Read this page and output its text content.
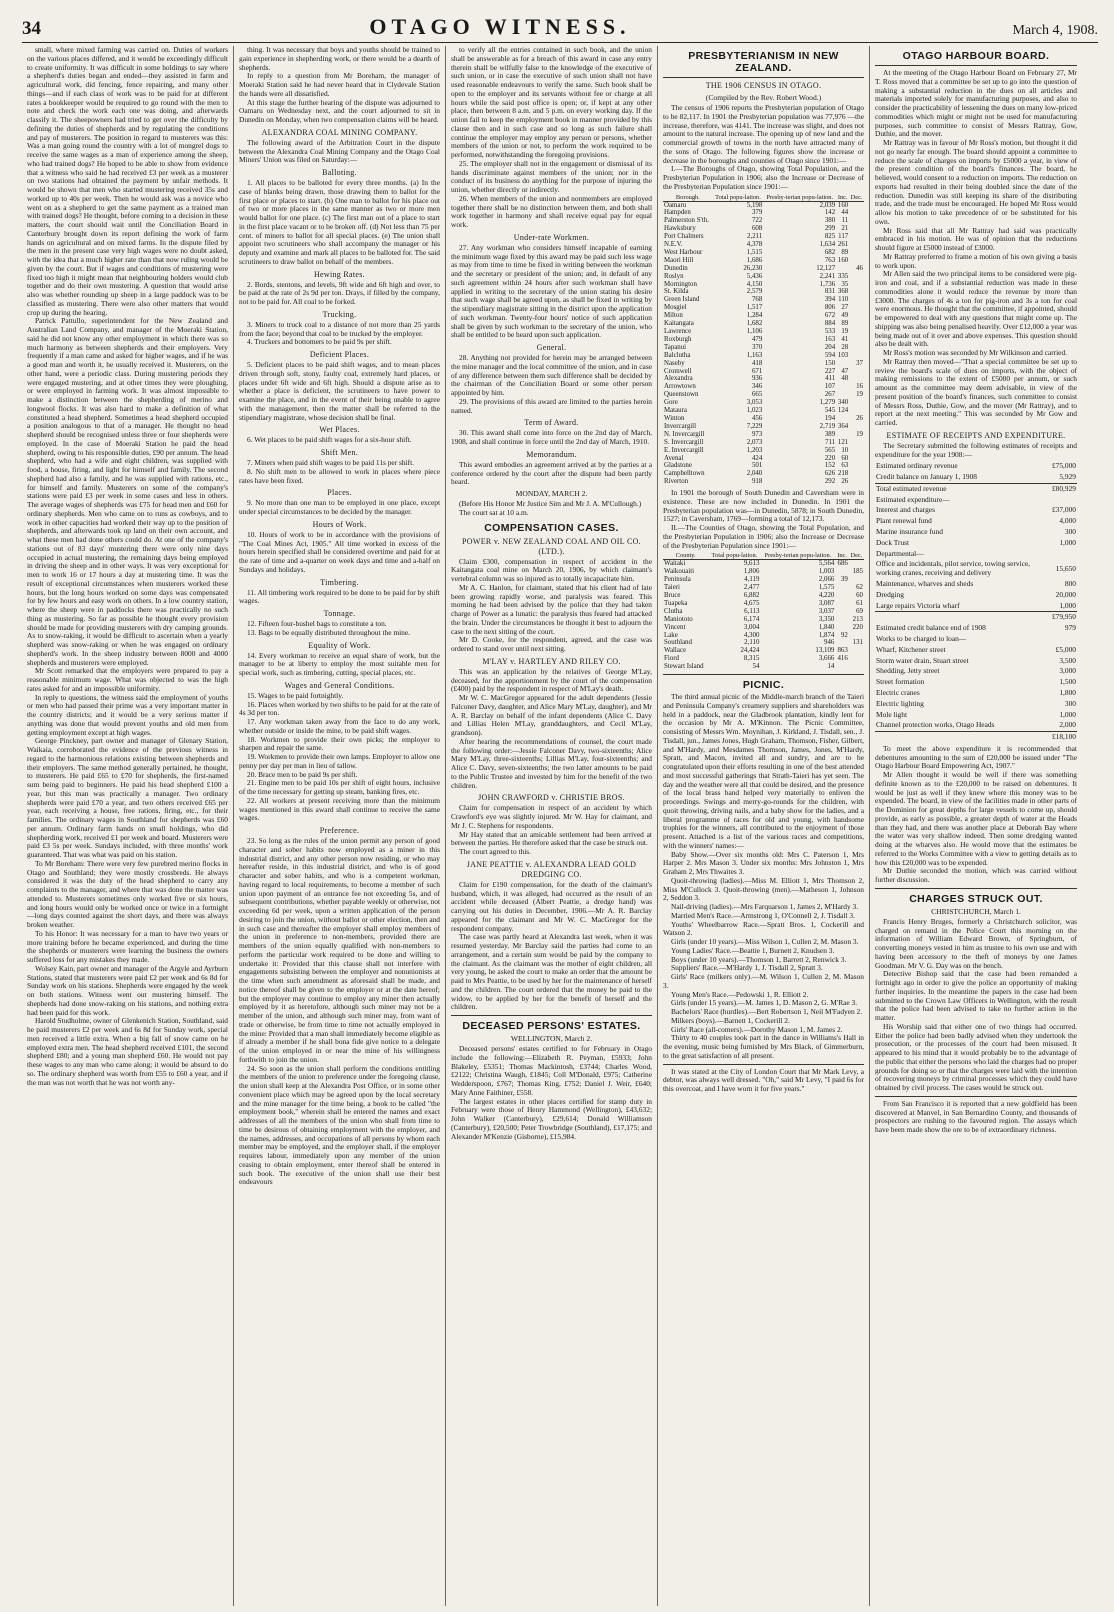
34	OTAGO WITNESS.	March 4, 1908.

small, where mixed farming was carried on. Duties of workers on the various places differed, and it would be exceedingly difficult to create uniformity. It was difficult in some holdings to say where a shepherd's duties began and ended—they assisted in farm and agricultural work, did fencing, fence repairing, and many other things—and if each class of work was to be paid for at different rates a bookkeeper would be required to go round with the men to note and check the work each one was doing, and afterwards classify it. The sheepowners had tried to get over the difficulty by defining the duties of shepherds and by regulating the conditions and pay of musterers. The position in regard to musterers was this: Was a man going round the country with a lot of mongrel dogs to receive the same wages as a man of experience among the sheep, who had trained dogs? He hoped to be able to show from evidence that a witness who said he had received £3 per week as a musterer on two stations had obtained the payment by unfair methods. It would be shown that men who started mustering received 35s and worked up to 40s per week. Then he would ask was a novice who went on as a shepherd to get the same payment as a trained man with trained dogs? He thought, before coming to a decision in these matters, the court should wait until the Conciliation Board in Canterbury brought down its report defining the work of farm hands on agricultural and on mixed farms. In the dispute filed by the men in the present case very high wages were no doubt asked, with the idea that a much higher rate than that now ruling would be given by the court. But if wages and conditions of mustering were fixed too high it might mean that neighbouring holders would club together and do their own mustering. A question that would arise also was whether rounding up sheep in a large paddock was to be classified as mustering. There were also other matters that would crop up during the hearing.

Patrick Pattullo, superintendent for the New Zealand and Australian Land Company, and manager of the Moeraki Station, said he did not know any other employment in which there was so much harmony as between shepherds and their employers. Very frequently if a man came and asked for higher wages, and if he was a good man and worth it, he usually received it. Musterers, on the other hand, were a periodic class. During mustering periods they were engaged mustering, and at other times they were ploughing, or were employed in farming work. It was almost impossible to make a distinction between the shepherding of merino and longwool flocks. It was also hard to make a definition of what constituted a head shepherd. Sometimes a head shepherd occupied a position analogous to that of a manager. He thought no head shepherd should be recognised unless three or four shepherds were employed. In the case of Moeraki Station he paid the head shepherd, owing to his responsible duties, £90 per annum. The head shepherd, who had a wife and eight children, was supplied with food, a house, firing, and light for himself and family. The second shepherd had also a family, and he was supplied with rations, etc., for himself and family. Musterers on some of the company's stations were paid £3 per week in some cases and less in others. The average wages of shepherds was £75 for head men and £60 for ordinary shepherds. Men who came on to runs as cowboys, and to work in other capacities had worked their way up to the position of shepherds, and afterwards took up land on their own account, and what these men had done others could do. At one of the company's stations out of 83 days' mustering there were only nine days occupied in actual mustering, the remaining days being employed in driving the sheep and in other ways. It was very exceptional for men to work 16 or 17 hours a day at mustering time. It was the result of exceptional circumstances when musterers worked these hours, but the long hours worked on some days was compensated for by few hours and easy work on others. In a low country station, where the sheep were in paddocks there was practically no such thing as mustering. So far as possible he thought every provision should be made for providing musterers with dry camping grounds. As to snow-raking, it would be difficult to ascertain when a yearly shepherd was snow-raking or when he was engaged on ordinary shepherd's work. In the sheep industry between 8000 and 4000 shepherds and musterers were employed.

Mr Scott remarked that the employers were prepared to pay a reasonable minimum wage. What was objected to was the high rates asked for and an impossible uniformity.

In reply to questions, the witness said the employment of youths or men who had passed their prime was a very important matter in the country districts; and it would be a very serious matter if anything was done that would prevent youths and old men from getting employment except at high wages.

George Pinckney, part owner and manager of Glenary Station, Waikaia, corroborated the evidence of the previous witness in regard to the harmonious relations existing between shepherds and their employers. The same method generally pertained, he thought, to musterers. He paid £65 to £70 for shepherds, the first-named sum being paid to beginners. He paid his head shepherd £100 a year, but this man was practically a manager. Two ordinary shepherds were paid £70 a year, and two others received £65 per year, each receiving a house, free rations, firing, etc., for their families. The ordinary wages in Southland for shepherds was £60 per annum. Ordinary farm hands on small holdings, who did shepherding work, received £1 per week and board. Musterers were paid £3 5s per week. Sundays included, with three months' work guaranteed. That was what was paid on his station.

To Mr Boreham: There were very few purebred merino flocks in Otago and Southland; they were mostly crossbreds. He always considered it was the duty of the head shepherd to carry any complaints to the manager, and where that was done the matter was attended to. Musterers sometimes only worked five or six hours, and long hours would only be worked once or twice in a fortnight—long days counted against the short days, and there was always broken weather.

To his Honor: It was necessary for a man to have two years or more training before he became experienced, and during the time the shepherds or musterers were learning the business the owners suffered loss for any mistakes they made.

Wolsey Kain, part owner and manager of the Argyle and Ayrburn Stations, stated that musterers were paid £2 per week and 6s 8d for Sunday work on his stations. Shepherds were engaged by the week on both stations. Witness went out mustering himself. The shepherds had done snow-raking on his stations, and nothing extra had been paid for this work.

Harold Studholme, owner of Glenkenich Station, Southland, said he paid musterers £2 per week and 6s 8d for Sunday work, special men received a little extra. When a big fall of snow came on he employed extra men. The head shepherd received £101, the second shepherd £80; and a young man shepherd £60. He would not pay these wages to any man who came along; it would be absurd to do so. The ordinary shepherd was worth from £55 to £60 a year, and if the man was not worth that he was not worth any-

thing. It was necessary that boys and youths should be trained to gain experience in shepherding work, or there would be a dearth of shepherds.

In reply to a question from Mr Boreham, the manager of Moeraki Station said he had never heard that in Clydevale Station the hands were all dissatisfied.

At this stage the further hearing of the dispute was adjourned to Oamaru on Wednesday next, and the court adjourned to sit in Dunedin on Monday, when two compensation claims will be heard.

ALEXANDRA COAL MINING COMPANY.

The following award of the Arbitration Court in the dispute between the Alexandra Coal Mining Company and the Otago Coal Miners' Union was filed on Saturday:—

Balloting.

1. All places to be balloted for every three months. (a) In the case of blanks being drawn, those drawing them to ballot for the first place or places to start. (b) One man to ballot for his place out of two or more places in the same manner as two or more men would ballot for one place. (c) The first man out of a place to start in the first place vacant or to be broken off. (d) Not less than 75 per cent. of miners to ballot for all special places. (e) The union shall appoint two scrutineers who shall accompany the manager or his deputy and examine and mark all places to be balloted for. The said scrutineers to draw ballot on behalf of the members.

Hewing Rates.

2. Bords, stentons, and levels, 9ft wide and 6ft high and over, to be paid at the rate of 2s 9d per ton. Drays, if filled by the company, not to be paid for. All coal to be forked.

Trucking.

3. Miners to truck coal to a distance of not more than 25 yards from the face; beyond that coal to be trucked by the employer.

4. Truckers and bottomers to be paid 9s per shift.

Deficient Places.

5. Deficient places to be paid shift wages, and to mean places driven through soft, stony, faulty coal, extremely hard places, or places under 6ft wide and 6ft high. Should a dispute arise as to whether a place is deficient, the scrutineers to have power to examine the place, and in the event of their being unable to agree with the management, then the matter shall be referred to the stipendiary magistrate, whose decision shall be final.

Wet Places.

6. Wet places to be paid shift wages for a six-hour shift.

Shift Men.

7. Miners when paid shift wages to be paid 11s per shift.

8. No shift men to be allowed to work in places where piece rates have been fixed.

Places.

9. No more than one man to be employed in one place, except under special circumstances to be decided by the manager.

Hours of Work.

10. Hours of work to be in accordance with the provisions of "The Coal Mines Act, 1905." All time worked in excess of the hours herein specified shall be considered overtime and paid for at the rate of time and a-quarter on week days and time and a-half on Sundays and holidays.

Timbering.

11. All timbering work required to be done to be paid for by shift wages.

Tonnage.

12. Fifteen four-bushel bags to constitute a ton.

13. Bags to be equally distributed throughout the mine.

Equality of Work.

14. Every workman to receive an equal share of work, but the manager to be at liberty to employ the most suitable men for special work, such as timbering, cutting, special places, etc.

Wages and General Conditions.

15. Wages to be paid fortnightly.

16. Places when worked by two shifts to be paid for at the rate of 4s 3d per ton.

17. Any workman taken away from the face to do any work, whether outside or inside the mine, to be paid shift wages.

18. Workmen to provide their own picks; the employer to sharpen and repair the same.

19. Workmen to provide their own lamps. Employer to allow one penny per day per man in lieu of tallow.

20. Brace men to be paid 9s per shift.

21. Engine men to be paid 10s per shift of eight hours, inclusive of the time necessary for getting up steam, banking fires, etc.

22. All workers at present receiving more than the minimum wages mentioned in this award shall continue to receive the same wages.

Preference.

23. So long as the rules of the union permit any person of good character and sober habits now employed as a miner in this industrial district, and any other person now residing, or who may hereafter reside, in this industrial district, and who is of good character and sober habits, and who is a competent workman, having regard to local requirements, to become a member of such union upon payment of an entrance fee not exceeding 5s, and of subsequent contributions, whether payable weekly or otherwise, not exceeding 6d per week, upon a written application of the person desiring to join the union, without ballot or other election, then and in such case and thereafter the employer shall employ members of the union in preference to non-members, provided there are members of the union equally qualified with non-members to perform the particular work required to be done and willing to undertake it: Provided that this clause shall not interfere with engagements subsisting between the employer and nonunionists at the time when such amendment as aforesaid shall be made, and notice thereof shall be given to the employer or at the date hereof; but the employer may continue to employ any miner then actually employed by it as heretofore, although such miner may not be a member of the union, and although such miner may, from want of trade or otherwise, be from time to time not actually employed in the mine: Provided that a man shall immediately become eligible as if already a member if he shall bona fide give notice to a delegate of the union employed in or near the mine of his willingness forthwith to join the union.

24. So soon as the union shall perform the conditions entitling the members of the union to preference under the foregoing clause, the union shall keep at the Alexandra Post Office, or in some other convenient place which may be agreed upon by the local secretary and the mine manager for the time being, a book to be called "the employment book," wherein shall be entered the names and exact addresses of all the members of the union who shall from time to time be desirous of obtaining employment with the employer, and the names, addresses, and occupations of all persons by whom each member may be employed, and the employer shall, if the employer requires labour, immediately upon any member of the union ceasing to obtain employment, enter thereof shall be entered in such book. The executive of the union shall use their best endeavours

to verify all the entries contained in such book, and the union shall be answerable as for a breach of this award in case any entry therein shall be wilfully false to the knowledge of the executive of such union, or in case the executive of such union shall not have used reasonable endeavours to verify the same. Such book shall be open to the employer and its servants without fee or charge at all hours while the said post office is open; or, if kept at any other place, then between 8 a.m. and 5 p.m. on every working day. If the union fail to keep the employment book in manner provided by this clause then and in such case and so long as such failure shall continue the employer may employ any person or persons, whether members of the union or not, to perform the work required to be performed, notwithstanding the foregoing provisions.

25. The employer shall not in the engagement or dismissal of its hands discriminate against members of the union; nor in the conduct of its business do anything for the purpose of injuring the union, whether directly or indirectly.

26. When members of the union and nonmembers are employed together there shall be no distinction between them, and both shall work together in harmony and shall receive equal pay for equal work.

Under-rate Workmen.

27. Any workman who considers himself incapable of earning the minimum wage fixed by this award may be paid such less wage as may from time to time be fixed in writing between the workman and the secretary or president of the union; and, in default of any such agreement within 24 hours after such workman shall have applied in writing to the secretary of the union stating his desire that such wage shall be agreed upon, as shall be fixed in writing by the stipendiary magistrate sitting in the district upon the application of such workman. Twenty-four hours' notice of such application shall be given by such workman to the secretary of the union, who shall be entitled to be heard upon such application.

General.

28. Anything not provided for herein may be arranged between the mine manager and the local committee of the union, and in case of any difference between them such difference shall be decided by the chairman of the Conciliation Board or some other person appointed by him.

29. The provisions of this award are limited to the parties herein named.

Term of Award.

30. This award shall come into force on the 2nd day of March, 1908, and shall continue in force until the 2nd day of March, 1910.

Memorandum.

This award embodies an agreement arrived at by the parties at a conference ordered by the court after the dispute had been partly heard.

MONDAY, MARCH 2.

(Before His Honor Mr Justice Sim and Mr J. A. M'Cullough.)

The court sat at 10 a.m.

COMPENSATION CASES.
POWER v. NEW ZEALAND COAL AND OIL CO. (LTD.).

Claim £300, compensation in respect of accident in the Kaitangata coal mine on March 20, 1906, by which claimant's vertebral column was so injured as to totally incapacitate him.

Mr A. C. Hanlon, for claimant, stated that his client had of late been growing rapidly worse, and paralysis was feared. This morning he had been advised by the police that they had taken charge of Power as a lunatic: the paralysis thus feared had attacked the brain. Under the circumstances he thought it best to adjourn the case to the next sitting of the court.

Mr D. Cooke, for the respondent, agreed, and the case was ordered to stand over until next sitting.

M'LAY v. HARTLEY AND RILEY CO.

This was an application by the relatives of George M'Lay, deceased, for the apportionment by the court of the compensation (£400) paid by the respondent in respect of M'Lay's death.

Mr W. C. MacGregor appeared for the adult dependents (Jessie Falconer Davy, daughter, and Alice Mary M'Lay, daughter), and Mr A. R. Barclay on behalf of the infant dependents (Alice C. Davy and Lillias Helen M'Lay, granddaughters, and Cecil M'Lay, grandson).

After hearing the recommendations of counsel, the court made the following order:—Jessie Falconer Davy, two-sixteenths; Alice Mary M'Lay, three-sixteenths; Lillias M'Lay, four-sixteenths; and Alice C. Davy, seven-sixteenths; the two latter amounts to be paid to the Public Trustee and invested by him for the benefit of the two children.

JOHN CRAWFORD v. CHRISTIE BROS.

Claim for compensation in respect of an accident by which Crawford's eye was slightly injured. Mr W. Hay for claimant, and Mr J. C. Stephens for respondents.

Mr Hay stated that an amicable settlement had been arrived at between the parties. He therefore asked that the case be struck out.

The court agreed to this.

JANE PEATTIE v. ALEXANDRA LEAD GOLD DREDGING CO.

Claim for £190 compensation, for the death of the claimant's husband, which, it was alleged, had occurred as the result of an accident while deceased (Albert Peattie, a dredge hand) was carrying out his duties in December, 1906.—Mr A. R. Barclay appeared for the claimant and Mr W. C. MacGregor for the respondent company.

The case was partly heard at Alexandra last week, when it was resumed yesterday. Mr Barclay said the parties had come to an arrangement, and a certain sum would be paid by the company to the claimant. As the claimant was the mother of eight children, all very young, he asked the court to make an order that the amount be paid to Mrs Peattie, to be used by her for the maintenance of herself and the children. The court ordered that the money be paid to the widow, to be applied by her for the benefit of herself and the children.

DECEASED PERSONS' ESTATES.
WELLINGTON, March 2.

Deceased persons' estates certified to for February in Otago include the following:—Elizabeth R. Peyman, £5933; John Blakeley, £5351; Thomas Mackintosh, £3744; Charles Wood, £2122; Christina Waugh, £1845; Coll M'Donald, £975; Catherine Wedderspoon, £767; Thomas King, £752; Daniel J. Weir, £640; Mary Anne Faithiner, £558.

The largest estates in other places certified for stamp duty in February were those of Henry Hammond (Wellington), £43,632; John Walker (Canterbury), £29,614; Donald Williamson (Canterbury), £20,500; Peter Trowbridge (Southland), £17,175; and Alexander M'Kenzie (Gisborne), £15,984.

PRESBYTERIANISM IN NEW ZEALAND.
THE 1906 CENSUS IN OTAGO.
(Compiled by the Rev. Robert Wood.)

The census of 1906 reports the Presbyterian population of Otago to be 82,117. In 1901 the Presbyterian population was 77,976 —the increase, therefore, was 4141. The increase was slight, and does not amount to the natural increase. The opening up of new land and the commercial growth of towns in the north have attracted many of the sons of Otago. The following figures show the increase or decrease in the boroughs and counties of Otago since 1901:—

I.—The Boroughs of Otago, showing Total Population, and the Presbyterian Population in 1906; also the Increase or Decrease of the Presbyterian Population since 1901:—

Borough.	Total popu-lation.	Presby-terian popu-lation.	Inc.	Dec.
Oamaru	5,198	2,039	160	
Hampden	379	142	44	
Palmerston S'th.	722	380	11	
Hawksbury	608	299	21	
Port Chalmers	2,211	825	117	
N.E.V.	4,378	1,634	261	
West Harbour	1,515	682	89	
Maori Hill	1,686	763	160	
Dunedin	26,230	12,127		46
Roslyn	5,436	2,241	335	
Mornington	4,150	1,736	35	
St. Kilda	2,579	831	368	
Green Island	768	394	110	
Mosgiel	1,517	806	27	
Milton	1,284	672	49	
Kaitangata	1,682	884	89	
Lawrence	1,106	533	19	
Roxburgh	479	163	41	
Tapanui	370	204	28	
Balclutha	1,163	594	103	
Naseby	418	150		37
Cromwell	671	227	47	
Alexandra	936	411	48	
Arrowtown	346	107		16
Queenstown	665	267		19
Gore	3,053	1,279	340	
Mataura	1,023	545	124	
Winton	456	194		26
Invercargill	7,229	2,719	364	
N. Invercargill	973	389		19
S. Invercargill	2,073	711	121	
E. Invercargill	1,203	565	10	
Avenal	424	220	60	
Gladstone	501	152	63	
Campbelltown	2,040	626	218	
Riverton	918	292	26	

In 1901 the borough of South Dunedin and Caversham were in existence. These are now included in Dunedin. In 1901 the Presbyterian population was—in Dunedin, 5878; in South Dunedin, 1527; in Caversham, 1769—forming a total of 12,173.

II.—The Counties of Otago, showing the Total Population, and the Presbyterian Population in 1906; also the Increase or Decrease of the Presbyterian Population since 1901:—

County.	Total popu-lation.	Presby-terian popu-lation.	Inc.	Dec.
Waitaki	9,613	5,564	686	
Waikouaiti	1,806	1,003		185
Peninsula	4,119	2,066	39	
Taieri	2,477	1,575		62
Bruce	6,882	4,220		60
Tuapeka	4,675	3,087		61
Clutha	6,113	3,037		69
Maniototo	6,174	3,350		213
Vincent	3,004	1,840		220
Lake	4,300	1,874	92	
Southland	2,110	946		131
Wallace	24,424	13,109	863	
Fiord	8,315	3,666	416	
Stewart Island	54	14		
PICNIC.

The third annual picnic of the Middle-march branch of the Taieri and Peninsula Company's creamery suppliers and shareholders was held in a paddock, near the Gladbrook plantation, kindly lent for the occasion by Mr A. M'Kinnon. The Picnic Committee, consisting of Messrs Wm. Moynihan, J. Kirkland, J. Tisdall, sen., J. Tisdall, jun., James Jones, Hugh Graham, Thomson, Fisher, Gilbert, and M'Hardy, and Mesdames Thomson, James, Jones, M'Hardy, Spratt, and Macon, invited all and sundry, and are to be congratulated upon their efforts resulting in one of the best attended and most successful gatherings that Strath-Taieri has yet seen. The day and the weather were all that could be desired, and the presence of the local brass band helped very materially to enliven the proceedings. Swings and merry-go-rounds for the children, with quoit throwing, driving nails, and a baby show for the ladies, and a liberal programme of races for old and young, with handsome trophies for the winners, all contributed to the enjoyment of those present. Attached is a list of the various races and competitions, with the winners' names:—

Baby Show.—Over six months old: Mrs C. Paterson 1, Mrs Harper 2. Mrs Mason 3. Under six months: Mrs Johnston 1, Mrs Graham 2, Mrs Thwaites 3.

Quoit-throwing (ladies).—Miss M. Elliott 1, Mrs Thomson 2, Miss M'Cullock 3. Quoit-throwing (men).—Matheson 1, Johnson 2, Seddon 3.

Nail-driving (ladies).—Mrs Farquarson 1, James 2, M'Hardy 3.

Married Men's Race.—Armstrong 1, O'Connell 2, J. Tisdall 3.

Youths' Wheelbarrow Race.—Spratt Bros. 1, Cockerill and Watson 2.

Girls (under 10 years).—Miss Wilson 1, Cullen 2, M. Mason 3.

Young Ladies' Race.—Beattie 1, Burnett 2, Knudsen 3.

Boys (under 10 years).—Thomson 1, Barrett 2, Renwick 3.

Suppliers' Race.—M'Hardy 1, J. Tisdall 2, Spratt 3.

Girls' Race (milkers only).—M. Wilson 1, Cullen 2, M. Mason 3.

Young Men's Race.—Pedowski 1, R. Elliott 2.

Girls (under 15 years).—M. James 1, D. Mason 2, G. M'Rae 3.

Bachelors' Race (hurdles).—Bert Robertson 1, Neil M'Fadyen 2.

Milkers (boys).—Barnett 1, Cockerill 2.

Girls' Race (all-comers).—Dorothy Mason 1, M. James 2.

Thirty to 40 couples took part in the dance in Williams's Hall in the evening, music being furnished by Mrs Black, of Gimmerburn, to the great satisfaction of all present.

It was stated at the City of London Court that Mr Mark Levy, a debtor, was always well dressed. "Oh," said Mr Levy, "I paid 6s for this overcoat, and I have worn it for five years."

OTAGO HARBOUR BOARD.

At the meeting of the Otago Harbour Board on February 27, Mr T. Ross moved that a committee be set up to go into the question of making a substantial reduction in the dues on all articles and materials imported solely for manufacturing purposes, and also to consider the practicability of lessening the dues on many low-priced commodities which might or might not be used for manufacturing purposes, such committee to consist of Messrs Rattray, Gow, Duthie, and the mover.

Mr Rattray was in favour of Mr Ross's motion, but thought it did not go nearly far enough. The board should appoint a committee to reduce the scale of charges on imports by £5000 a year, in view of the present condition of the board's finances. The board, he believed, would consent to a reduction on imports. The reduction on exports had resulted in their being doubled since the date of the reduction. Dunedin was still keeping its share of the distributing trade, and the trade must be encouraged. He hoped Mr Ross would allow his motion to take precedence of or be substituted for his own.

Mr Ross said that all Mr Rattray had said was practically embraced in his motion. He was of opinion that the reductions should figure at £5000 instead of £3000.

Mr Rattray preferred to frame a motion of his own giving a basis to work upon.

Mr Allen said the two principal items to be considered were pig-iron and coal, and if a substantial reduction was made in these commodities alone it would reduce the revenue by more than £3000. The charges of 4s a ton for pig-iron and 3s a ton for coal were enormous. He thought that the committee, if appointed, should be empowered to deal with any questions that might come up. The shipping was also being penalised heavily. Over £12,000 a year was being made out of it over and above expenses. This question should also be dealt with.

Mr Ross's motion was seconded by Mr Wilkinson and carried.

Mr Rattray then moved—"That a special committee be set up to review the board's scale of dues on imports, with the object of making remissions to the extent of £5000 per annum, or such amount as the committee may deem advisable, in view of the present position of the board's finances, such committee to consist of Messrs Ross, Duthie, Gow, and the mover (Mr Rattray), and to report at the next meeting." This was seconded by Mr Gow and carried.

ESTIMATE OF RECEIPTS AND EXPENDITURE.

The Secretary submitted the following estimates of receipts and expenditure for the year 1908:—

Estimated ordinary revenue	£75,000
Credit balance on January 1, 1908	5,929
Total estimated revenue	£80,929
Estimated expenditure—	
Interest and charges	£37,000
Plant renewal fund	4,000
Marine insurance fund	300
Dock Trust	1,000
Departmental—	
Office and incidentals, pilot service, towing service, working cranes, receiving and delivery	15,650
Maintenance, wharves and sheds	800
Dredging	20,000
Large repairs Victoria wharf	1,000
	£79,950
Estimated credit balance end of 1908	979
Works to be charged to loan—	
Wharf, Kitchener street	£5,000
Storm water drain, Stuart street	3,500
Shedding, Jetty street	3,000
Street formation	1,500
Electric cranes	1,800
Electric lighting	300
Mole light	1,000
Channel protection works, Otago Heads	2,000
	£18,100

To meet the above expenditure it is recommended that debentures amounting to the sum of £20,000 be issued under "The Otago Harbour Board Empowering Act, 1907."

Mr Allen thought it would be well if there was something definite known as to the £20,000 to be raised on debentures. It would be just as well if they knew where this money was to be expended. The board, in view of the facilities made in other parts of the Dominion for great depths for large vessels to come up, should provide, as early as possible, a greater depth of water at the Heads than they had, and there was another place at Deborah Bay where the water was very shallow indeed. Then some dredging wanted doing at the wharves also. He would move that the estimates be referred to the Works Committee with a view to getting details as to how this £20,000 was to be expended.

Mr Duthie seconded the motion, which was carried without further discussion.

CHARGES STRUCK OUT.
CHRISTCHURCH, March 1.

Francis Henry Bruges, formerly a Christchurch solicitor, was charged on remand in the Police Court this morning on the information of William Edward Brown, of Springburn, of converting moneys vested in him as trustee to his own use and with having been accessory to the theft of moneys by one James Goodman. Mr V. G. Day was on the bench.

Detective Bishop said that the case had been remanded a fortnight ago in order to give the police an opportunity of making further inquiries. In the meantime the papers in the case had been submitted to the Crown Law Officers in Wellington, with the result that the police had been advised to take no further action in the matter.

His Worship said that either one of two things had occurred. Either the police had been badly advised when they undertook the prosecution, or the processes of the court had been misused. It appeared to his mind that it would probably be to the advantage of the public that either the persons who laid the charges had no proper grounds for doing so or that the charges were laid with the intention of recovering moneys by criminal processes which they could have obtained by civil process. The cases would be struck out.

From San Francisco it is reported that a new goldfield has been discovered at Manvel, in San Bernardino County, and thousands of prospectors are rushing to the favoured region. The assays which have been made show the ore to be of extraordinary richness.
